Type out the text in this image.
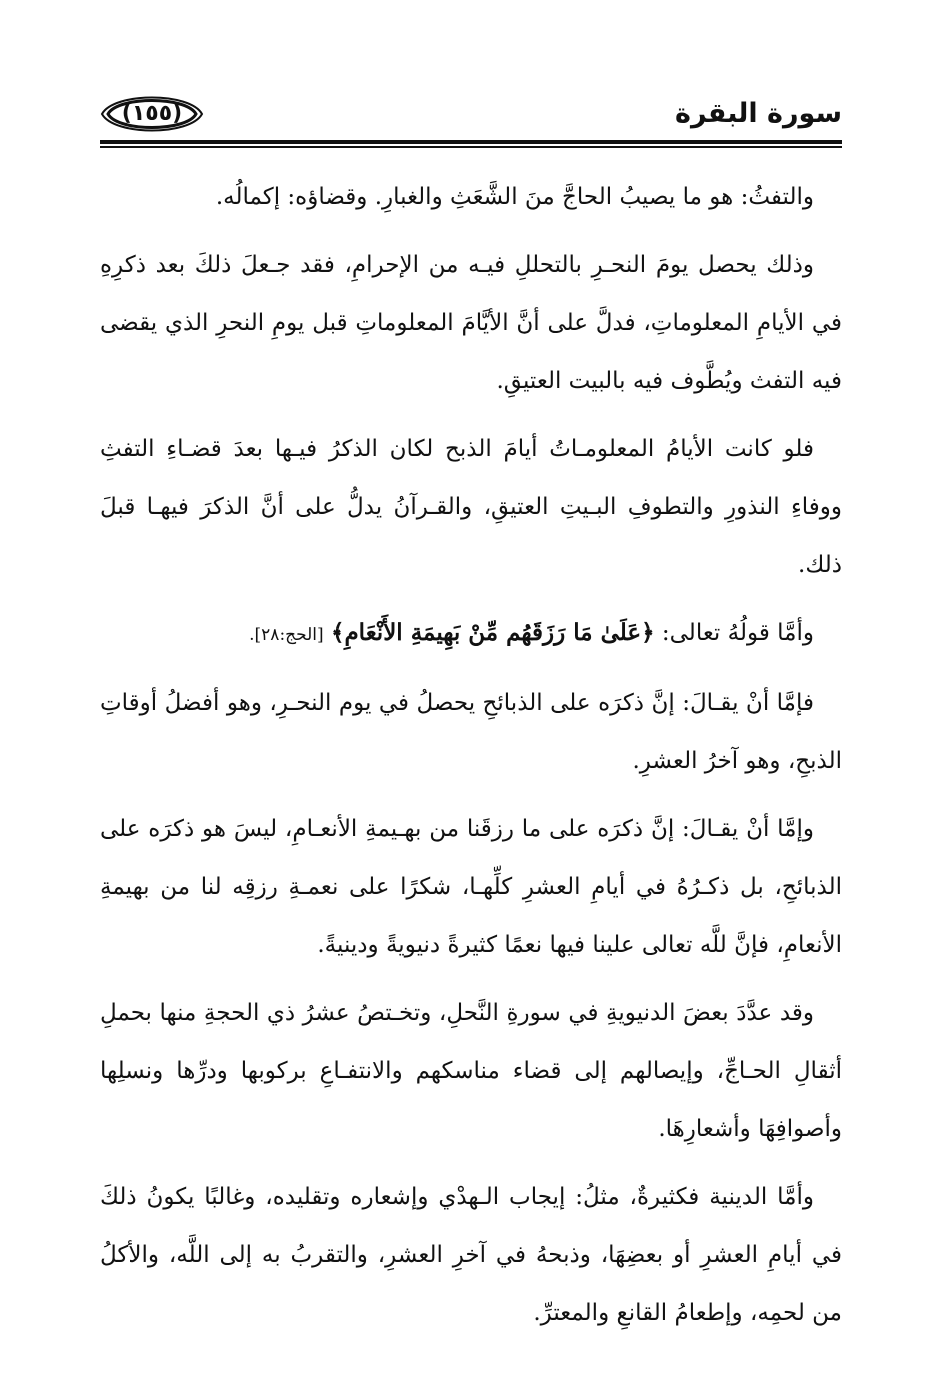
سورة البقرة
(١٥٥)

والتفثُ: هو ما يصيبُ الحاجَّ منَ الشَّعَثِ والغبارِ. وقضاؤه: إكمالُه.

وذلك يحصل يومَ النحـرِ بالتحللِ فيـه من الإحرامِ، فقد جـعلَ ذلكَ بعد ذكرِهِ في الأيامِ المعلوماتِ، فدلَّ على أنَّ الأيَّامَ المعلوماتِ قبل يومِ النحرِ الذي يقضى فيه التفث ويُطَّوف فيه بالبيت العتيقِ.

فلو كانت الأيامُ المعلومـاتُ أيامَ الذبح لكان الذكرُ فيـها بعدَ قضـاءِ التفثِ ووفاءِ النذورِ والتطوفِ البـيتِ العتيقِ، والقـرآنُ يدلُّ على أنَّ الذكرَ فيهـا قبلَ ذلك.

وأمَّا قولُهُ تعالى: ﴿عَلَىٰ مَا رَزَقَهُم مِّنْ بَهِيمَةِ الأَنْعَامِ﴾ [الحج:٢٨].

فإمَّا أنْ يقـالَ: إنَّ ذكرَه على الذبائحِ يحصلُ في يوم النحـرِ، وهو أفضلُ أوقاتِ الذبحِ، وهو آخرُ العشرِ.

وإمَّا أنْ يقـالَ: إنَّ ذكرَه على ما رزقَنا من بهـيمةِ الأنعـامِ، ليسَ هو ذكرَه على الذبائحِ، بل ذكـرُهُ في أيامِ العشرِ كلِّهـا، شكرًا على نعمـةِ رزقِه لنا من بهيمةِ الأنعامِ، فإنَّ للَّه تعالى علينا فيها نعمًا كثيرةً دنيويةً ودينيةً.

وقد عدَّدَ بعضَ الدنيويةِ في سورةِ النَّحلِ، وتخـتصُ عشرُ ذي الحجةِ منها بحملِ أثقالِ الحـاجِّ، وإيصالهم إلى قضاء مناسكهم والانتفـاعِ بركوبها ودرِّها ونسلِها وأصوافِهَا وأشعارِهَا.

وأمَّا الدينية فكثيرةٌ، مثلُ: إيجاب الـهدْي وإشعاره وتقليده، وغالبًا يكونُ ذلكَ في أيامِ العشرِ أو بعضِهَا، وذبحهُ في آخرِ العشرِ، والتقربُ به إلى اللَّه، والأكلُ من لحمِه، وإطعامُ القانعِ والمعترِّ.
